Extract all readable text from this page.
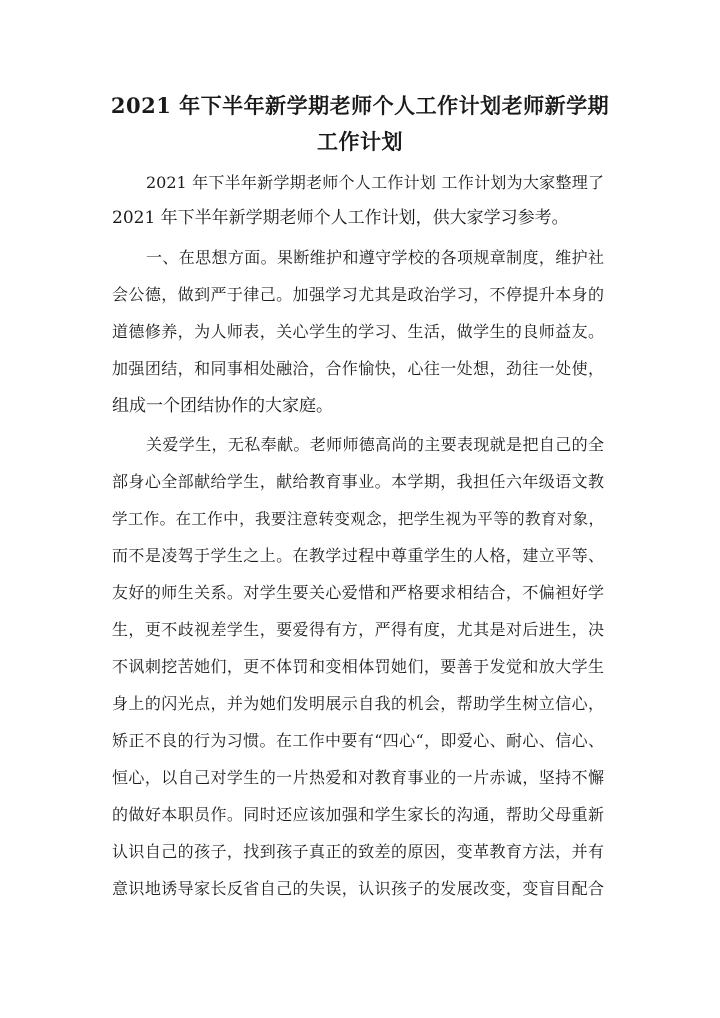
2021 年下半年新学期老师个人工作计划老师新学期
工作计划
2021 年下半年新学期老师个人工作计划 工作计划为大家整理了
2021 年下半年新学期老师个人工作计划，供大家学习参考。
一、在思想方面。果断维护和遵守学校的各项规章制度，维护社
会公德，做到严于律己。加强学习尤其是政治学习，不停提升本身的
道德修养，为人师表，关心学生的学习、生活，做学生的良师益友。
加强团结，和同事相处融洽，合作愉快，心往一处想，劲往一处使，
组成一个团结协作的大家庭。
关爱学生，无私奉献。老师师德高尚的主要表现就是把自己的全
部身心全部献给学生，献给教育事业。本学期，我担任六年级语文教
学工作。在工作中，我要注意转变观念，把学生视为平等的教育对象，
而不是凌驾于学生之上。在教学过程中尊重学生的人格，建立平等、
友好的师生关系。对学生要关心爱惜和严格要求相结合，不偏袒好学
生，更不歧视差学生，要爱得有方，严得有度，尤其是对后进生，决
不讽刺挖苦她们，更不体罚和变相体罚她们，要善于发觉和放大学生
身上的闪光点，并为她们发明展示自我的机会，帮助学生树立信心，
矫正不良的行为习惯。在工作中要有“四心“，即爱心、耐心、信心、
恒心，以自己对学生的一片热爱和对教育事业的一片赤诚，坚持不懈
的做好本职员作。同时还应该加强和学生家长的沟通，帮助父母重新
认识自己的孩子，找到孩子真正的致差的原因，变革教育方法，并有
意识地诱导家长反省自己的失误，认识孩子的发展改变，变盲目配合
